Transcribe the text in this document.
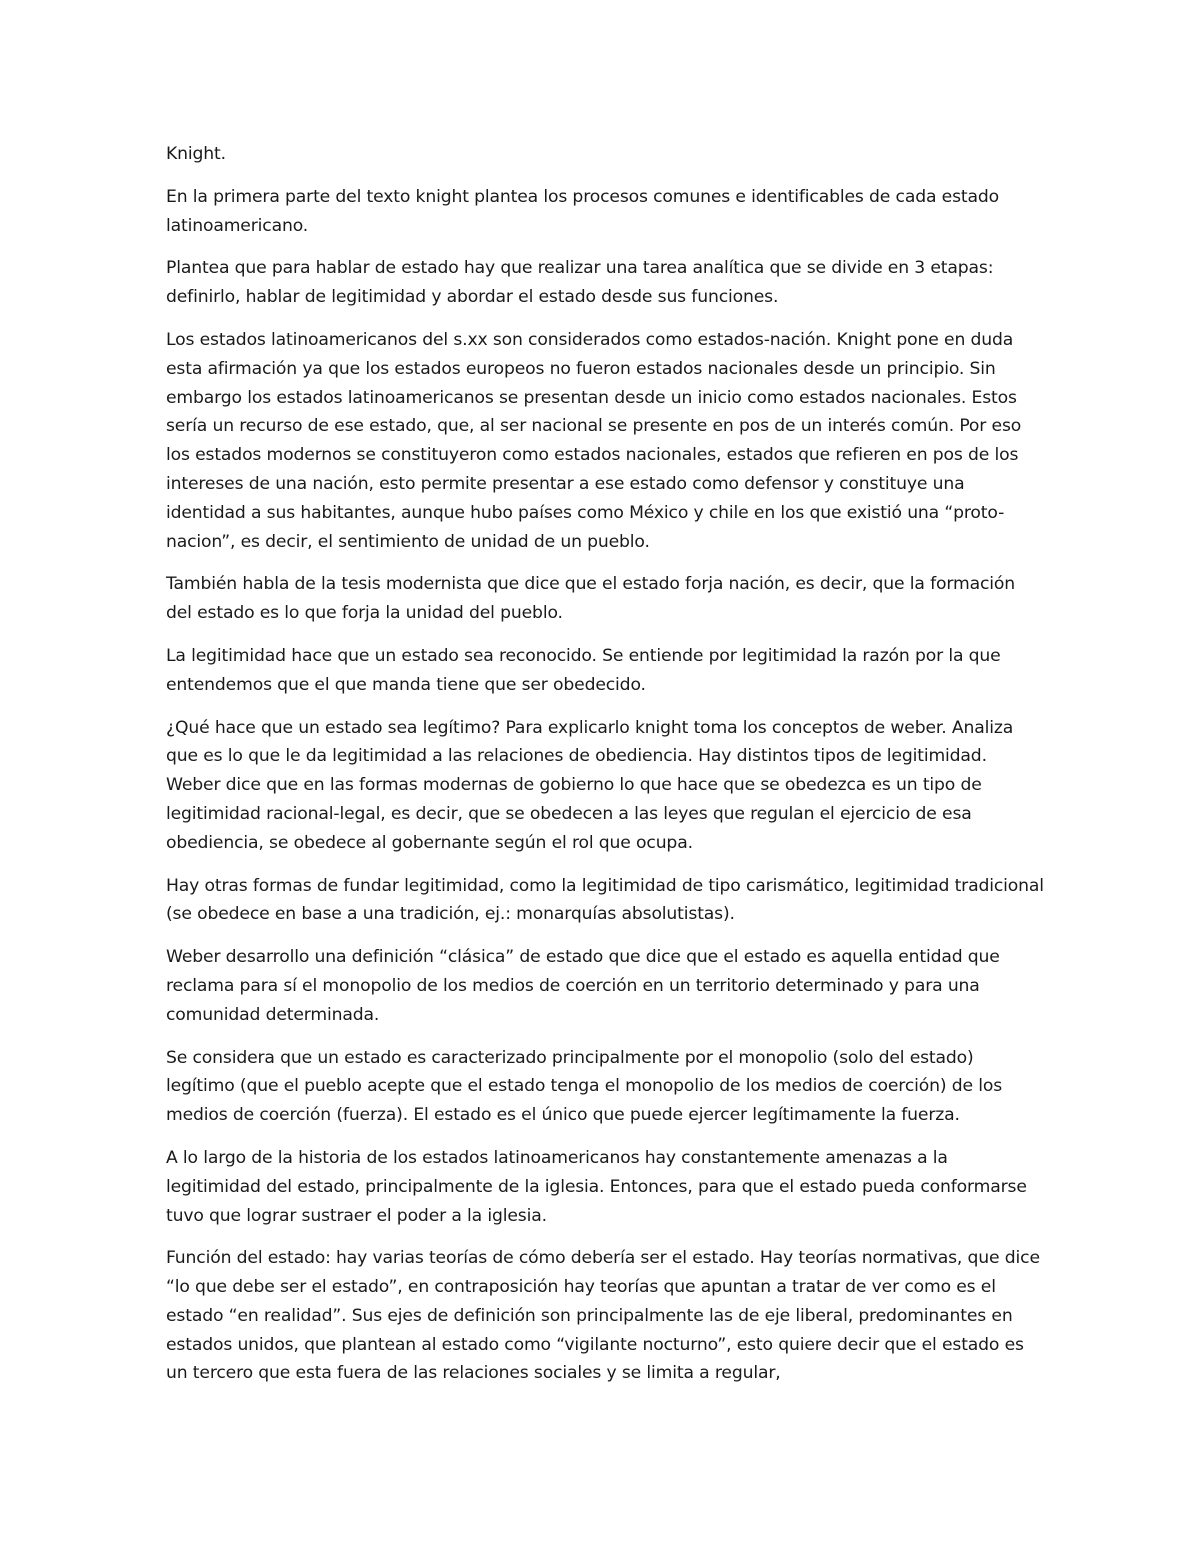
Knight.

En la primera parte del texto knight plantea los procesos comunes e identificables de cada estado latinoamericano.

Plantea que para hablar de estado hay que realizar una tarea analítica que se divide en 3 etapas: definirlo, hablar de legitimidad y abordar el estado desde sus funciones.

Los estados latinoamericanos del s.xx son considerados como estados-nación. Knight pone en duda esta afirmación ya que los estados europeos no fueron estados nacionales desde un principio. Sin embargo los estados latinoamericanos se presentan desde un inicio como estados nacionales. Estos sería un recurso de ese estado, que, al ser nacional se presente en pos de un interés común. Por eso los estados modernos se constituyeron como estados nacionales, estados que refieren en pos de los intereses de una nación, esto permite presentar a ese estado como defensor y constituye una identidad a sus habitantes, aunque hubo países como México y chile en los que existió una “proto-nacion”, es decir, el sentimiento de unidad de un pueblo.

También habla de la tesis modernista que dice que el estado forja nación, es decir, que la formación del estado es lo que forja la unidad del pueblo.

La legitimidad hace que un estado sea reconocido. Se entiende por legitimidad la razón por la que entendemos que el que manda tiene que ser obedecido.

¿Qué hace que un estado sea legítimo? Para explicarlo knight toma los conceptos de weber. Analiza que es lo que le da legitimidad a las relaciones de obediencia. Hay distintos tipos de legitimidad. Weber dice que en las formas modernas de gobierno lo que hace que se obedezca es un tipo de legitimidad racional-legal, es decir, que se obedecen a las leyes que regulan el ejercicio de esa obediencia, se obedece al gobernante según el rol que ocupa.

Hay otras formas de fundar legitimidad, como la legitimidad de tipo carismático, legitimidad tradicional (se obedece en base a una tradición, ej.: monarquías absolutistas).

Weber desarrollo una definición “clásica” de estado que dice que el estado es aquella entidad que reclama para sí el monopolio de los medios de coerción en un territorio determinado y para una comunidad determinada.

Se considera que un estado es caracterizado principalmente por el monopolio (solo del estado) legítimo (que el pueblo acepte que el estado tenga el monopolio de los medios de coerción) de los medios de coerción (fuerza). El estado es el único que puede ejercer legítimamente la fuerza.

A lo largo de la historia de los estados latinoamericanos hay constantemente amenazas a la legitimidad del estado, principalmente de la iglesia. Entonces, para que el estado pueda conformarse tuvo que lograr sustraer el poder a la iglesia.

Función del estado: hay varias teorías de cómo debería ser el estado. Hay teorías normativas, que dice “lo que debe ser el estado”, en contraposición hay teorías que apuntan a tratar de ver como es el estado “en realidad”. Sus ejes de definición son principalmente las de eje liberal, predominantes en estados unidos, que plantean al estado como “vigilante nocturno”, esto quiere decir que el estado es un tercero que esta fuera de las relaciones sociales y se limita a regular,
